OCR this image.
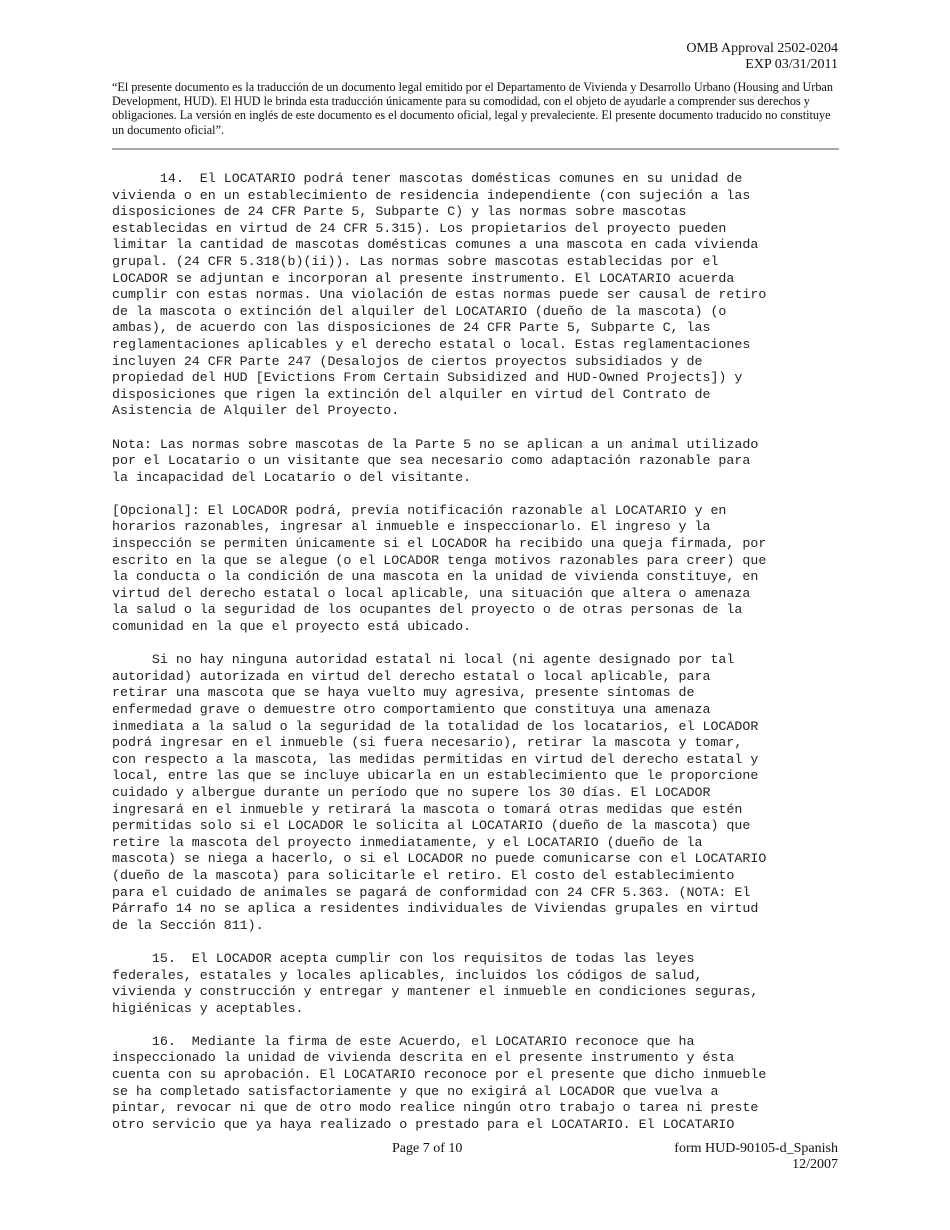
OMB Approval 2502-0204
EXP 03/31/2011
“El presente documento es la traducción de un documento legal emitido por el Departamento de Vivienda y Desarrollo Urbano (Housing and Urban Development, HUD). El HUD le brinda esta traducción únicamente para su comodidad, con el objeto de ayudarle a comprender sus derechos y obligaciones. La versión en inglés de este documento es el documento oficial, legal y prevaleciente. El presente documento traducido no constituye un documento oficial”.

14.  El LOCATARIO podrá tener mascotas domésticas comunes en su unidad de
vivienda o en un establecimiento de residencia independiente (con sujeción a las
disposiciones de 24 CFR Parte 5, Subparte C) y las normas sobre mascotas
establecidas en virtud de 24 CFR 5.315). Los propietarios del proyecto pueden
limitar la cantidad de mascotas domésticas comunes a una mascota en cada vivienda
grupal. (24 CFR 5.318(b)(ii)). Las normas sobre mascotas establecidas por el
LOCADOR se adjuntan e incorporan al presente instrumento. El LOCATARIO acuerda
cumplir con estas normas. Una violación de estas normas puede ser causal de retiro
de la mascota o extinción del alquiler del LOCATARIO (dueño de la mascota) (o
ambas), de acuerdo con las disposiciones de 24 CFR Parte 5, Subparte C, las
reglamentaciones aplicables y el derecho estatal o local. Estas reglamentaciones
incluyen 24 CFR Parte 247 (Desalojos de ciertos proyectos subsidiados y de
propiedad del HUD [Evictions From Certain Subsidized and HUD-Owned Projects]) y
disposiciones que rigen la extinción del alquiler en virtud del Contrato de
Asistencia de Alquiler del Proyecto.

Nota: Las normas sobre mascotas de la Parte 5 no se aplican a un animal utilizado
por el Locatario o un visitante que sea necesario como adaptación razonable para
la incapacidad del Locatario o del visitante.

[Opcional]: El LOCADOR podrá, previa notificación razonable al LOCATARIO y en
horarios razonables, ingresar al inmueble e inspeccionarlo. El ingreso y la
inspección se permiten únicamente si el LOCADOR ha recibido una queja firmada, por
escrito en la que se alegue (o el LOCADOR tenga motivos razonables para creer) que
la conducta o la condición de una mascota en la unidad de vivienda constituye, en
virtud del derecho estatal o local aplicable, una situación que altera o amenaza
la salud o la seguridad de los ocupantes del proyecto o de otras personas de la
comunidad en la que el proyecto está ubicado.

Si no hay ninguna autoridad estatal ni local (ni agente designado por tal
autoridad) autorizada en virtud del derecho estatal o local aplicable, para
retirar una mascota que se haya vuelto muy agresiva, presente síntomas de
enfermedad grave o demuestre otro comportamiento que constituya una amenaza
inmediata a la salud o la seguridad de la totalidad de los locatarios, el LOCADOR
podrá ingresar en el inmueble (si fuera necesario), retirar la mascota y tomar,
con respecto a la mascota, las medidas permitidas en virtud del derecho estatal y
local, entre las que se incluye ubicarla en un establecimiento que le proporcione
cuidado y albergue durante un período que no supere los 30 días. El LOCADOR
ingresará en el inmueble y retirará la mascota o tomará otras medidas que estén
permitidas solo si el LOCADOR le solicita al LOCATARIO (dueño de la mascota) que
retire la mascota del proyecto inmediatamente, y el LOCATARIO (dueño de la
mascota) se niega a hacerlo, o si el LOCADOR no puede comunicarse con el LOCATARIO
(dueño de la mascota) para solicitarle el retiro. El costo del establecimiento
para el cuidado de animales se pagará de conformidad con 24 CFR 5.363. (NOTA: El
Párrafo 14 no se aplica a residentes individuales de Viviendas grupales en virtud
de la Sección 811).

15.  El LOCADOR acepta cumplir con los requisitos de todas las leyes
federales, estatales y locales aplicables, incluidos los códigos de salud,
vivienda y construcción y entregar y mantener el inmueble en condiciones seguras,
higiénicas y aceptables.

16.  Mediante la firma de este Acuerdo, el LOCATARIO reconoce que ha
inspeccionado la unidad de vivienda descrita en el presente instrumento y ésta
cuenta con su aprobación. El LOCATARIO reconoce por el presente que dicho inmueble
se ha completado satisfactoriamente y que no exigirá al LOCADOR que vuelva a
pintar, revocar ni que de otro modo realice ningún otro trabajo o tarea ni preste
otro servicio que ya haya realizado o prestado para el LOCATARIO. El LOCATARIO

Page 7 of 10	form HUD-90105-d_Spanish
12/2007
